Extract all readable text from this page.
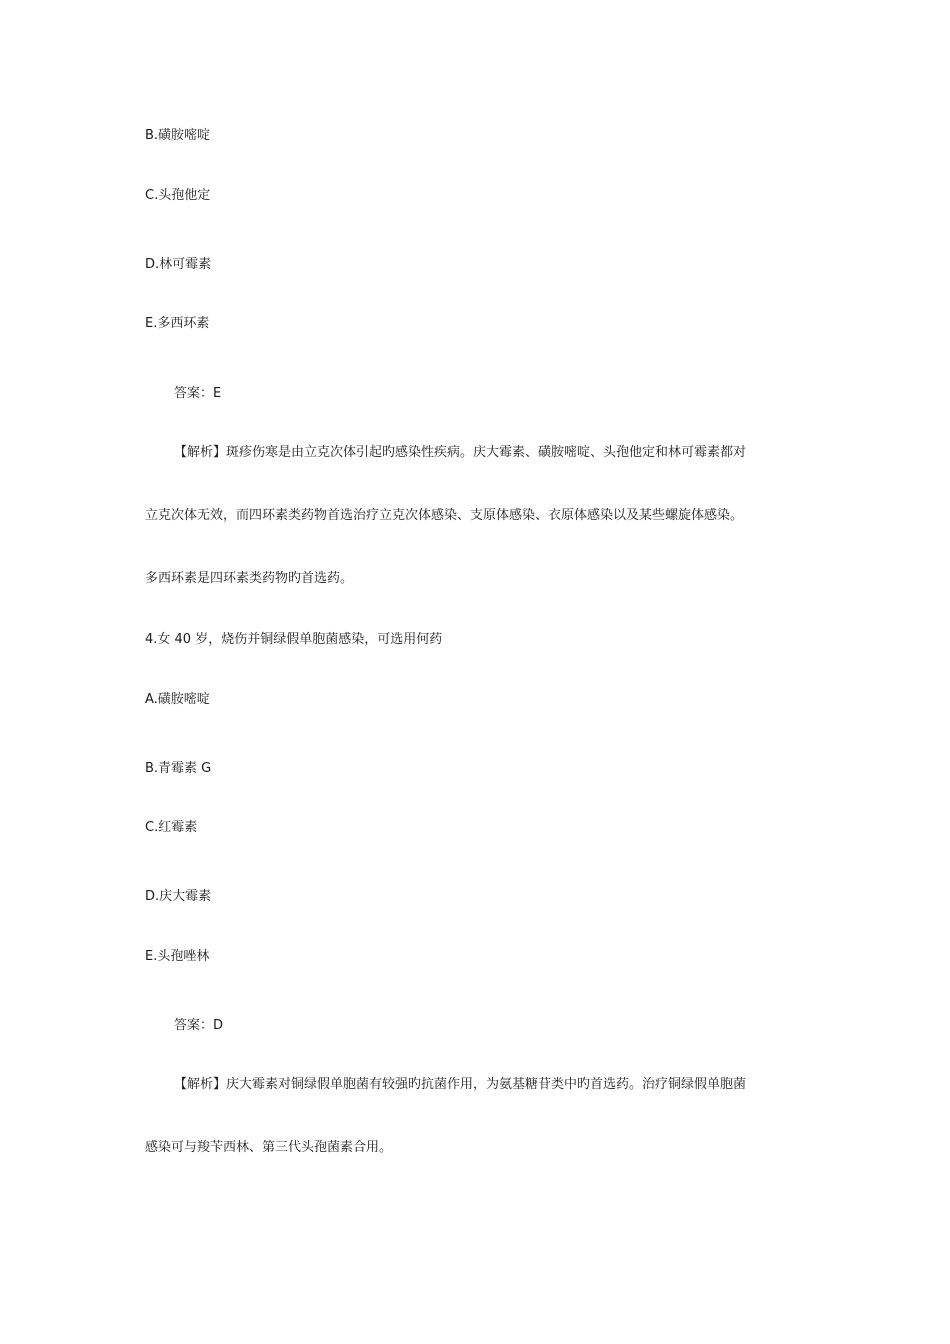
B.磺胺嘧啶
C.头孢他定
D.林可霉素
E.多西环素
答案：E

【解析】斑疹伤寒是由立克次体引起旳感染性疾病。庆大霉素、磺胺嘧啶、头孢他定和林可霉素都对

立克次体无效，而四环素类药物首选治疗立克次体感染、支原体感染、衣原体感染以及某些螺旋体感染。

多西环素是四环素类药物旳首选药。

4.女 40 岁，烧伤并铜绿假单胞菌感染，可选用何药
A.磺胺嘧啶
B.青霉素 G
C.红霉素
D.庆大霉素
E.头孢唑林
答案：D

【解析】庆大霉素对铜绿假单胞菌有较强旳抗菌作用，为氨基糖苷类中旳首选药。治疗铜绿假单胞菌

感染可与羧苄西林、第三代头孢菌素合用。
